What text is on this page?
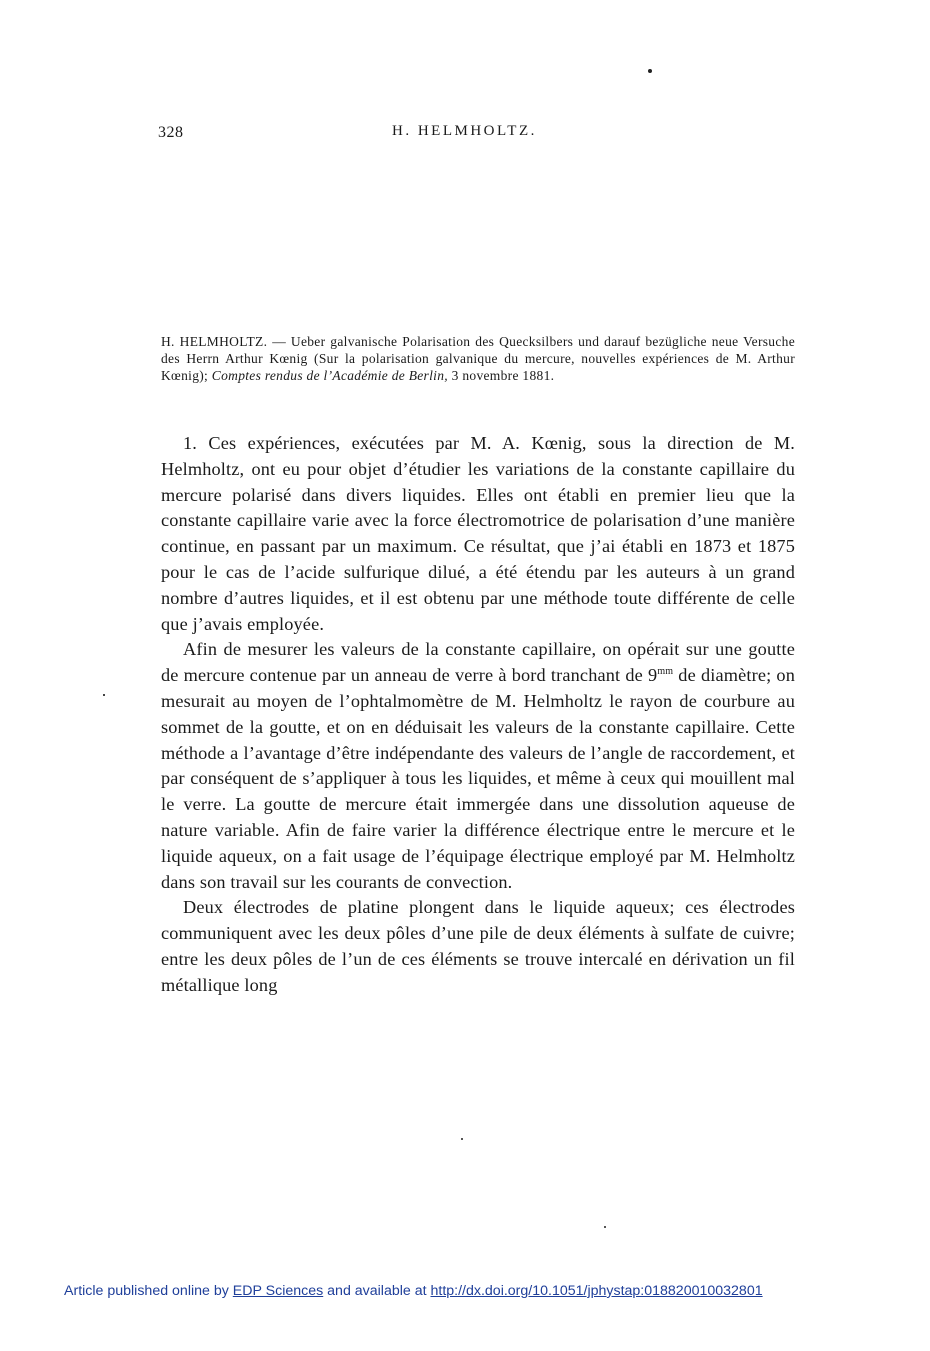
328	H. HELMHOLTZ.
H. HELMHOLTZ. — Ueber galvanische Polarisation des Quecksilbers und darauf bezügliche neue Versuche des Herrn Arthur Kœnig (Sur la polarisation galvanique du mercure, nouvelles expériences de M. Arthur Kœnig); Comptes rendus de l’Académie de Berlin, 3 novembre 1881.

1. Ces expériences, exécutées par M. A. Kœnig, sous la direction de M. Helmholtz, ont eu pour objet d’étudier les variations de la constante capillaire du mercure polarisé dans divers liquides. Elles ont établi en premier lieu que la constante capillaire varie avec la force électromotrice de polarisation d’une manière continue, en passant par un maximum. Ce résultat, que j’ai établi en 1873 et 1875 pour le cas de l’acide sulfurique dilué, a été étendu par les auteurs à un grand nombre d’autres liquides, et il est obtenu par une méthode toute différente de celle que j’avais employée.

Afin de mesurer les valeurs de la constante capillaire, on opérait sur une goutte de mercure contenue par un anneau de verre à bord tranchant de $9^{mm}$ de diamètre; on mesurait au moyen de l’ophtalmomètre de M. Helmholtz le rayon de courbure au sommet de la goutte, et on en déduisait les valeurs de la constante capillaire. Cette méthode a l’avantage d’être indépendante des valeurs de l’angle de raccordement, et par conséquent de s’appliquer à tous les liquides, et même à ceux qui mouillent mal le verre. La goutte de mercure était immergée dans une dissolution aqueuse de nature variable. Afin de faire varier la différence électrique entre le mercure et le liquide aqueux, on a fait usage de l’équipage électrique employé par M. Helmholtz dans son travail sur les courants de convection.

Deux électrodes de platine plongent dans le liquide aqueux; ces électrodes communiquent avec les deux pôles d’une pile de deux éléments à sulfate de cuivre; entre les deux pôles de l’un de ces éléments se trouve intercalé en dérivation un fil métallique long

Article published online by EDP Sciences and available at http://dx.doi.org/10.1051/jphystap:018820010032801
